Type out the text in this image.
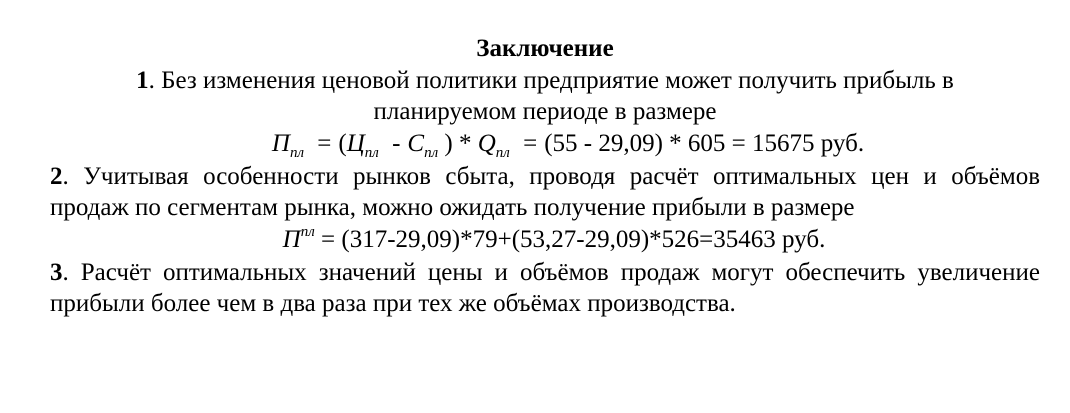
Заключение

1. Без изменения ценовой политики предприятие может получить прибыль в
планируемом периоде в размере

$П_{пл} = (Ц_{пл} - С_{пл}$ ) * $Q_{пл} = (55 - 29,09) * 605 = 15675$ руб.

2. Учитывая особенности рынков сбыта, проводя расчёт оптимальных цен и объёмов продаж по сегментам рынка, можно ожидать получение прибыли в размере

$П^{пл} = (317-29,09)*79+(53,27-29,09)*526=35463$ руб.

3. Расчёт оптимальных значений цены и объёмов продаж могут обеспечить увеличение прибыли более чем в два раза при тех же объёмах производства.
